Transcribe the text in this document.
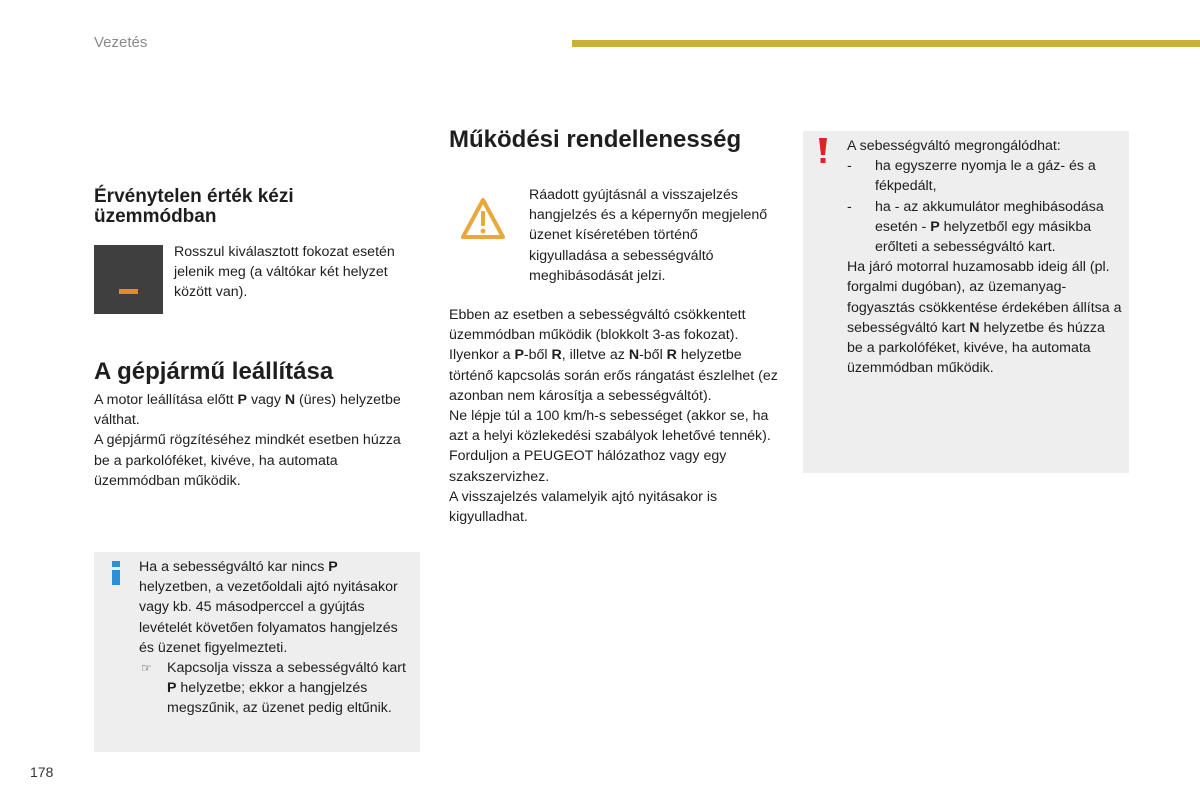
Vezetés
Érvénytelen érték kézi üzemmódban

Rosszul kiválasztott fokozat esetén jelenik meg (a váltókar két helyzet között van).

A gépjármű leállítása

A motor leállítása előtt P vagy N (üres) helyzetbe válthat.

A gépjármű rögzítéséhez mindkét esetben húzza be a parkolóféket, kivéve, ha automata üzemmódban működik.

Ha a sebességváltó kar nincs P helyzetben, a vezetőoldali ajtó nyitásakor vagy kb. 45 másodperccel a gyújtás levételét követően folyamatos hangjelzés és üzenet figyelmezteti.

☞	Kapcsolja vissza a sebességváltó kart P helyzetbe; ekkor a hangjelzés megszűnik, az üzenet pedig eltűnik.
Működési rendellenesség

Ráadott gyújtásnál a visszajelzés hangjelzés és a képernyőn megjelenő üzenet kíséretében történő kigyulladása a sebességváltó meghibásodását jelzi.

Ebben az esetben a sebességváltó csökkentett üzemmódban működik (blokkolt 3-as fokozat). Ilyenkor a P-ből R, illetve az N-ből R helyzetbe történő kapcsolás során erős rángatást észlelhet (ez azonban nem károsítja a sebességváltót).

Ne lépje túl a 100 km/h-s sebességet (akkor se, ha azt a helyi közlekedési szabályok lehetővé tennék).

Forduljon a PEUGEOT hálózathoz vagy egy szakszervizhez.

A visszajelzés valamelyik ajtó nyitásakor is kigyulladhat.

A sebességváltó megrongálódhat:

-	ha egyszerre nyomja le a gáz- és a fékpedált,
-	ha - az akkumulátor meghibásodása esetén - P helyzetből egy másikba erőlteti a sebességváltó kart.

Ha járó motorral huzamosabb ideig áll (pl. forgalmi dugóban), az üzemanyag-fogyasztás csökkentése érdekében állítsa a sebességváltó kart N helyzetbe és húzza be a parkolóféket, kivéve, ha automata üzemmódban működik.

178
